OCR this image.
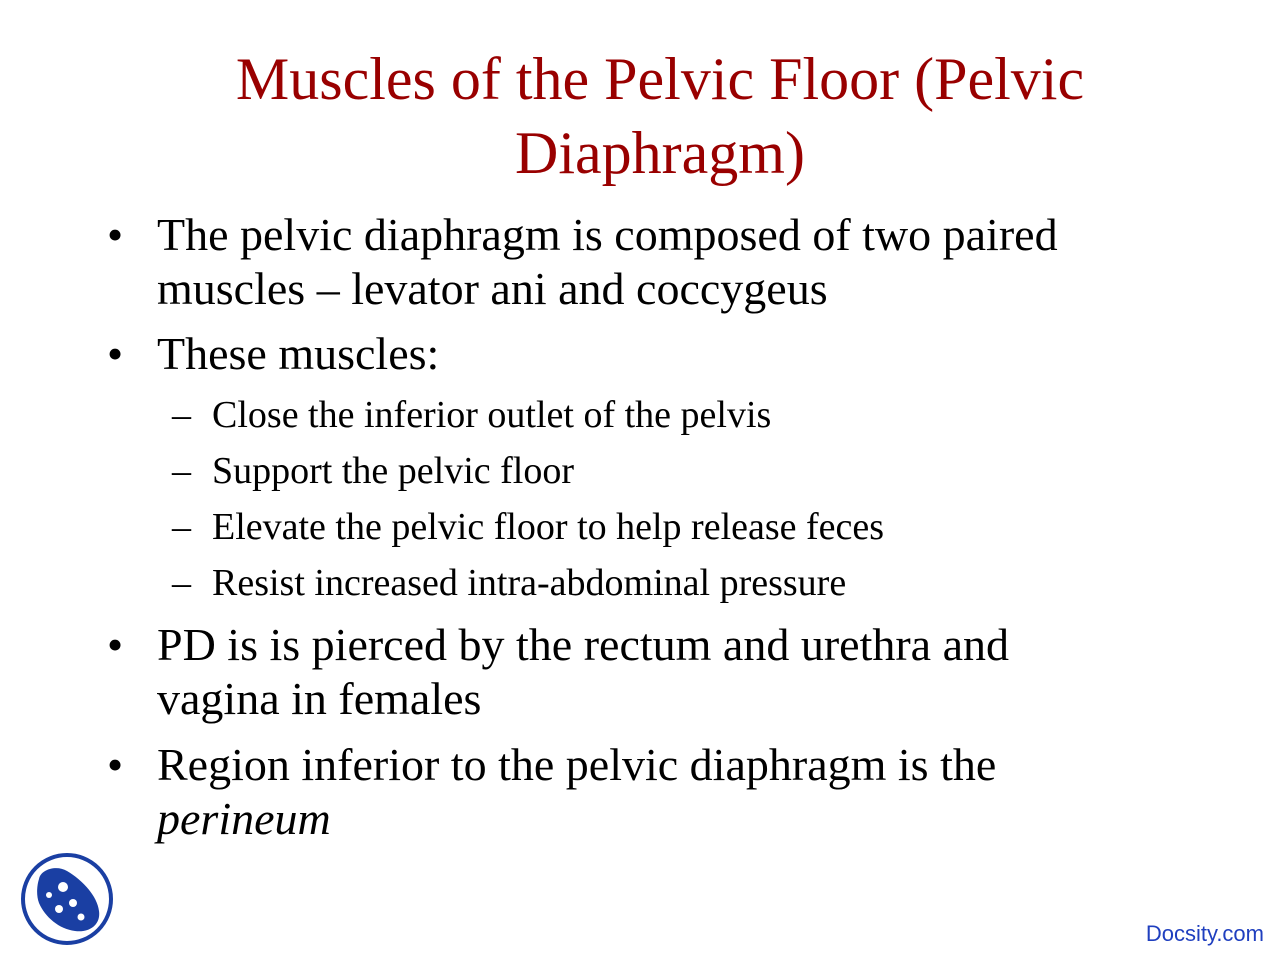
Muscles of the Pelvic Floor (Pelvic
Diaphragm)
• The pelvic diaphragm is composed of two paired
muscles – levator ani and coccygeus
• These muscles:
– Close the inferior outlet of the pelvis
– Support the pelvic floor
– Elevate the pelvic floor to help release feces
– Resist increased intra-abdominal pressure
• PD is is pierced by the rectum and urethra and
vagina in females
• Region inferior to the pelvic diaphragm is the
perineum
Docsity.com
